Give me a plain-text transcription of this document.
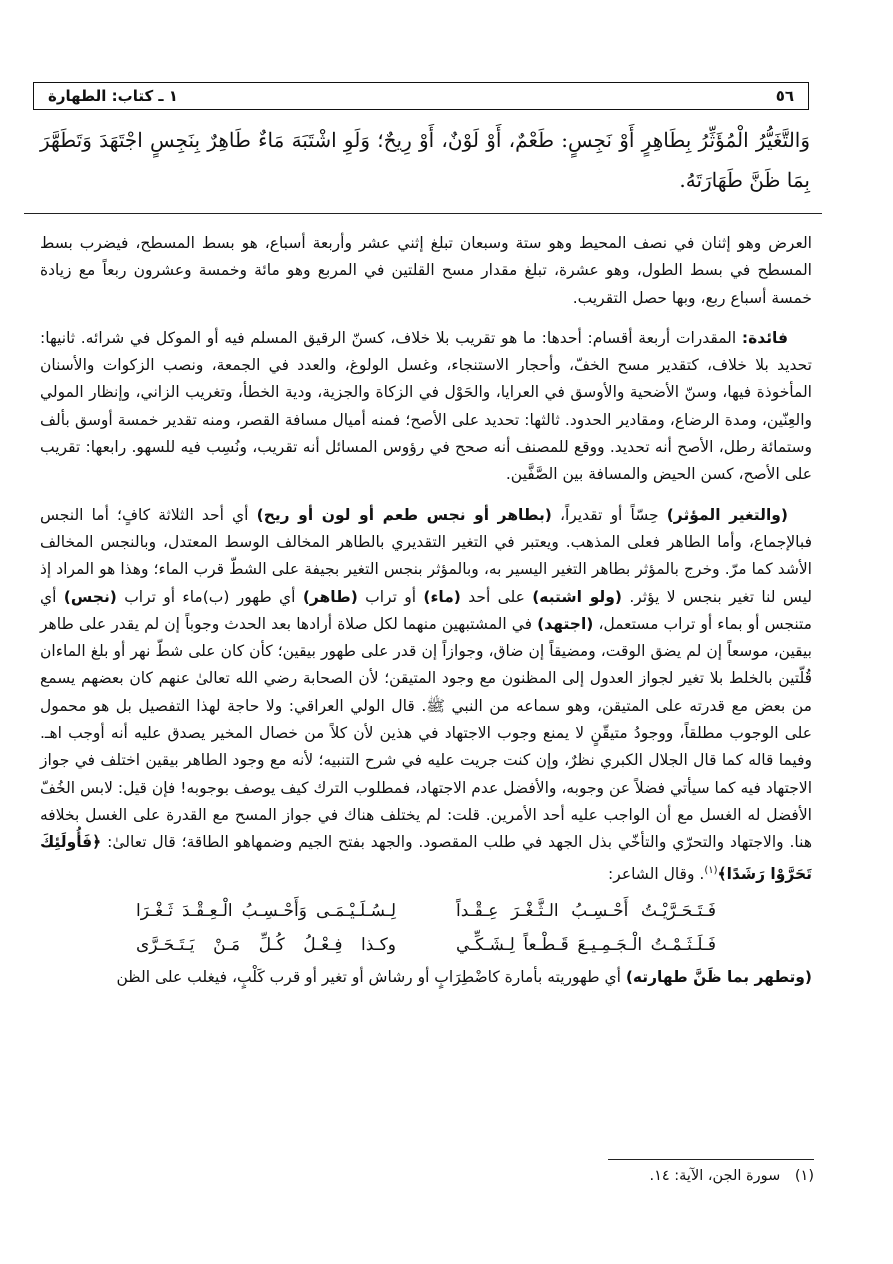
٥٦
١ ـ كتاب: الطهارة
وَالتَّغَيُّرُ الْمُؤَثِّرُ بِطَاهِرٍ أَوْ نَجِسٍ: طَعْمٌ، أَوْ لَوْنٌ، أَوْ رِيحٌ؛ وَلَوِ اشْتَبَهَ مَاءٌ طَاهِرٌ بِنَجِسٍ اجْتَهَدَ وَتَطَهَّرَ بِمَا ظَنَّ طَهَارَتَهُ.

العرض وهو إثنان في نصف المحيط وهو ستة وسبعان تبلغ إثني عشر وأربعة أسباع، هو بسط المسطح، فيضرب بسط المسطح في بسط الطول، وهو عشرة، تبلغ مقدار مسح القلتين في المربع وهو مائة وخمسة وعشرون ربعاً مع زيادة خمسة أسباع ربع، وبها حصل التقريب.

فائدة: المقدرات أربعة أقسام: أحدها: ما هو تقريب بلا خلاف، كسنّ الرقيق المسلم فيه أو الموكل في شرائه. ثانيها: تحديد بلا خلاف، كتقدير مسح الخفّ، وأحجار الاستنجاء، وغسل الولوغ، والعدد في الجمعة، ونصب الزكوات والأسنان المأخوذة فيها، وسنّ الأضحية والأوسق في العرايا، والحَوْل في الزكاة والجزية، ودية الخطأ، وتغريب الزاني، وإنظار المولي والعِنّين، ومدة الرضاع، ومقادير الحدود. ثالثها: تحديد على الأصح؛ فمنه أميال مسافة القصر، ومنه تقدير خمسة أوسق بألف وستمائة رطل، الأصح أنه تحديد. ووقع للمصنف أنه صحح في رؤوس المسائل أنه تقريب، ونُسِب فيه للسهو. رابعها: تقريب على الأصح، كسن الحيض والمسافة بين الصَّفَّين.

(والتغير المؤثر) حِسّاً أو تقديراً، (بطاهر أو نجس طعم أو لون أو ريح) أي أحد الثلاثة كافٍ؛ أما النجس فبالإجماع، وأما الطاهر فعلى المذهب. ويعتبر في التغير التقديري بالطاهر المخالف الوسط المعتدل، وبالنجس المخالف الأشد كما مرّ. وخرج بالمؤثر بطاهر التغير اليسير به، وبالمؤثر بنجس التغير بجيفة على الشطّ قرب الماء؛ وهذا هو المراد إذ ليس لنا تغير بنجس لا يؤثر. (ولو اشتبه) على أحد (ماء) أو تراب (طاهر) أي طهور (ب)ماء أو تراب (نجس) أي متنجس أو بماء أو تراب مستعمل، (اجتهد) في المشتبهين منهما لكل صلاة أرادها بعد الحدث وجوباً إن لم يقدر على طاهر بيقين، موسعاً إن لم يضق الوقت، ومضيقاً إن ضاق، وجوازاً إن قدر على طهور بيقين؛ كأن كان على شطّ نهر أو بلغ الماءان قُلّتين بالخلط بلا تغير لجواز العدول إلى المظنون مع وجود المتيقن؛ لأن الصحابة رضي الله تعالىٰ عنهم كان بعضهم يسمع من بعض مع قدرته على المتيقن، وهو سماعه من النبي ﷺ. قال الولي العراقي: ولا حاجة لهذا التفصيل بل هو محمول على الوجوب مطلقاً، ووجودُ متيقّنٍ لا يمنع وجوب الاجتهاد في هذين لأن كلاً من خصال المخير يصدق عليه أنه أوجب اهـ. وفيما قاله كما قال الجلال الكبري نظرٌ، وإن كنت جريت عليه في شرح التنبيه؛ لأنه مع وجود الطاهر بيقين اختلف في جواز الاجتهاد فيه كما سيأتي فضلاً عن وجوبه، والأفضل عدم الاجتهاد، فمطلوب الترك كيف يوصف بوجوبه! فإن قيل: لابس الخُفّ الأفضل له الغسل مع أن الواجب عليه أحد الأمرين. قلت: لم يختلف هناك في جواز المسح مع القدرة على الغسل بخلافه هنا. والاجتهاد والتحرّي والتأخّي بذل الجهد في طلب المقصود. والجهد بفتح الجيم وضمهاهو الطاقة؛ قال تعالىٰ: ﴿فَأُولَئِكَ تَحَرَّوْا رَشَدًا﴾$^{(١)}$. وقال الشاعر:

فَـتَـحَـرَّيْـتُ أَحْـسِـبُ الـثَّـغْـرَ عِـقْـداً
لِـسُـلَـيْـمَـى وَأَحْـسِـبُ الْـعِـقْـدَ ثَـغْـرَا
فَـلَـثَـمْـتُ الْـجَـمِـيـعَ قَـطْـعاً لِـشَـكِّـي
وكـذا فِـعْـلُ كُـلِّ مَـنْ يَـتَـحَـرَّى

(وتطهر بما ظَنَّ طهارته) أي طهوريته بأمارة كاضْطِرَابٍ أو رشاش أو تغير أو قرب كَلْبٍ، فيغلب على الظن

(١) سورة الجن، الآية: ١٤.
